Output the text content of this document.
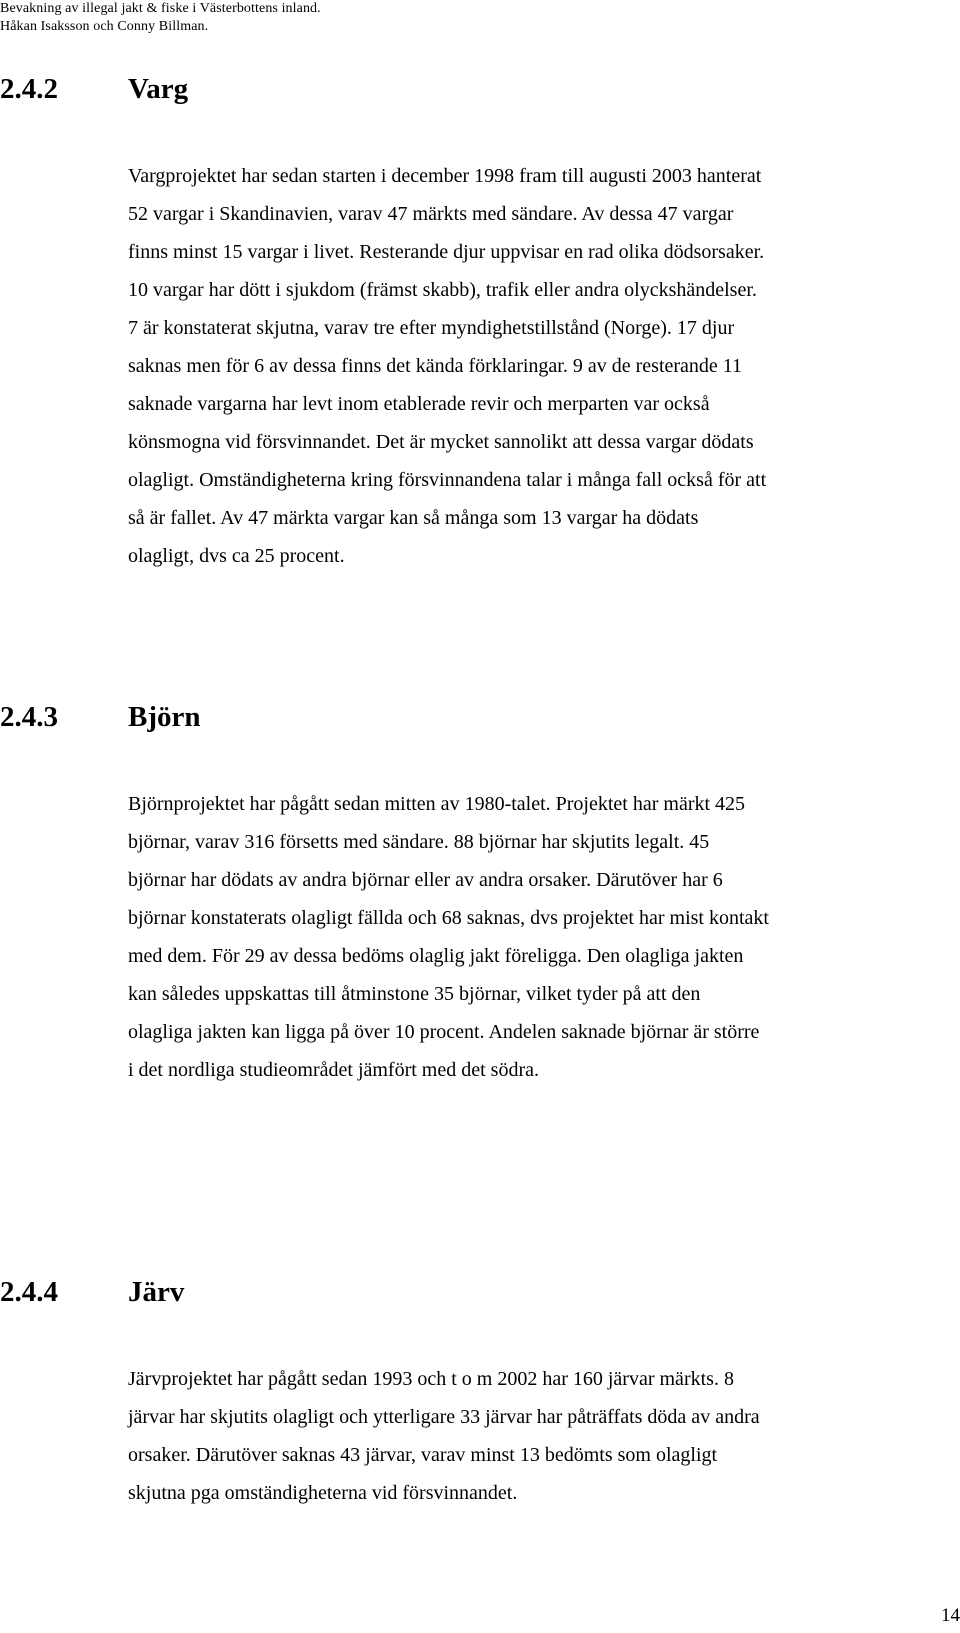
Bevakning av illegal jakt & fiske i Västerbottens inland.
Håkan Isaksson och Conny Billman.
2.4.2 Varg

Vargprojektet har sedan starten i december 1998 fram till augusti 2003 hanterat
52 vargar i Skandinavien, varav 47 märkts med sändare. Av dessa 47 vargar
finns minst 15 vargar i livet. Resterande djur uppvisar en rad olika dödsorsaker.
10 vargar har dött i sjukdom (främst skabb), trafik eller andra olyckshändelser.
7 är konstaterat skjutna, varav tre efter myndighetstillstånd (Norge). 17 djur
saknas men för 6 av dessa finns det kända förklaringar. 9 av de resterande 11
saknade vargarna har levt inom etablerade revir och merparten var också
könsmogna vid försvinnandet. Det är mycket sannolikt att dessa vargar dödats
olagligt. Omständigheterna kring försvinnandena talar i många fall också för att
så är fallet. Av 47 märkta vargar kan så många som 13 vargar ha dödats
olagligt, dvs ca 25 procent.

2.4.3 Björn

Björnprojektet har pågått sedan mitten av 1980-talet. Projektet har märkt 425
björnar, varav 316 försetts med sändare. 88 björnar har skjutits legalt. 45
björnar har dödats av andra björnar eller av andra orsaker. Därutöver har 6
björnar konstaterats olagligt fällda och 68 saknas, dvs projektet har mist kontakt
med dem. För 29 av dessa bedöms olaglig jakt föreligga. Den olagliga jakten
kan således uppskattas till åtminstone 35 björnar, vilket tyder på att den
olagliga jakten kan ligga på över 10 procent. Andelen saknade björnar är större
i det nordliga studieområdet jämfört med det södra.

2.4.4 Järv

Järvprojektet har pågått sedan 1993 och t o m 2002 har 160 järvar märkts. 8
järvar har skjutits olagligt och ytterligare 33 järvar har påträffats döda av andra
orsaker. Därutöver saknas 43 järvar, varav minst 13 bedömts som olagligt
skjutna pga omständigheterna vid försvinnandet.

14
